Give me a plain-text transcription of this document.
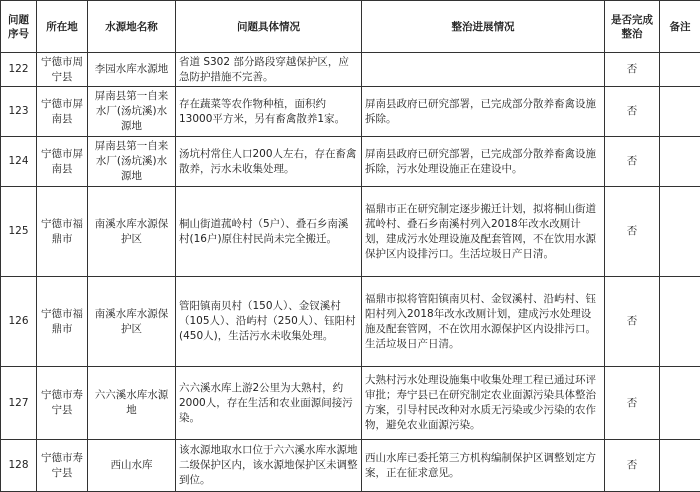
问题序号	所在地	水源地名称	问题具体情况	整治进展情况	是否完成整治	备注
122	宁德市周宁县	李园水库水源地	省道 S302 部分路段穿越保护区，应急防护措施不完善。		否	
123	宁德市屏南县	屏南县第一自来水厂(汤坑溪)水源地	存在蔬菜等农作物种植，面积约13000平方米，另有畜禽散养1家。	屏南县政府已研究部署，已完成部分散养畜禽设施拆除。	否	
124	宁德市屏南县	屏南县第一自来水厂(汤坑溪)水源地	汤坑村常住人口200人左右，存在畜禽散养，污水未收集处理。	屏南县政府已研究部署，已完成部分散养畜禽设施拆除，污水处理设施正在建设中。	否	
125	宁德市福鼎市	南溪水库水源保护区	桐山街道菰岭村（5户）、叠石乡南溪村(16户)原住村民尚未完全搬迁。	福鼎市正在研究制定逐步搬迁计划，拟将桐山街道菰岭村、叠石乡南溪村列入2018年改水改厕计划，建成污水处理设施及配套管网，不在饮用水源保护区内设排污口。生活垃圾日产日清。	否	
126	宁德市福鼎市	南溪水库水源保护区	管阳镇南贝村（150人）、金钗溪村（105人）、沿屿村（250人）、钰阳村(450人)，生活污水未收集处理。	福鼎市拟将管阳镇南贝村、金钗溪村、沿屿村、钰阳村列入2018年改水改厕计划，建成污水处理设施及配套管网，不在饮用水源保护区内设排污口。生活垃圾日产日清。	否	
127	宁德市寿宁县	六六溪水库水源地	六六溪水库上游2公里为大熟村，约2000人，存在生活和农业面源间接污染。	大熟村污水处理设施集中收集处理工程已通过环评审批；寿宁县已在研究制定农业面源污染具体整治方案，引导村民改种对水质无污染或少污染的农作物，避免农业面源污染。	否	
128	宁德市寿宁县	西山水库	该水源地取水口位于六六溪水库水源地二级保护区内，该水源地保护区未调整到位。	西山水库已委托第三方机构编制保护区调整划定方案，正在征求意见。	否	
